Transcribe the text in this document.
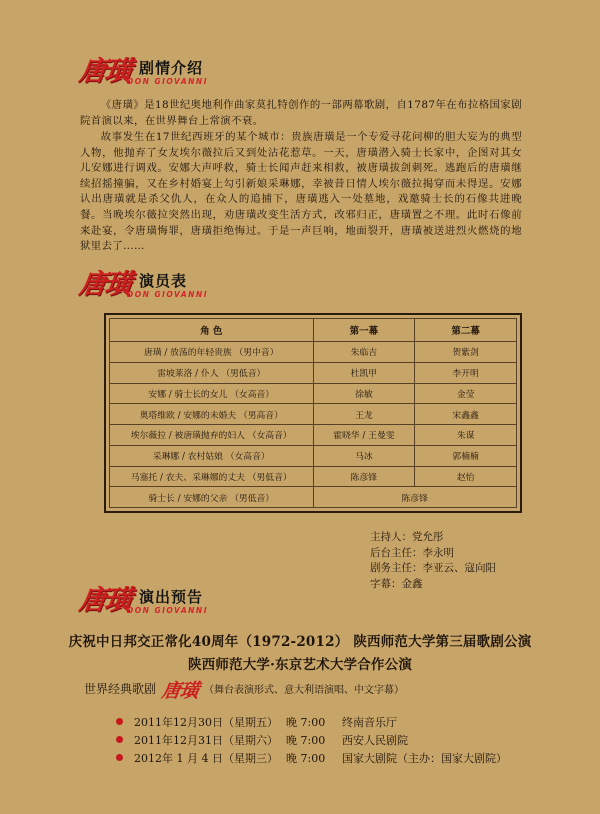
唐璜 剧情介绍
DON GIOVANNI
《唐璜》是18世纪奥地利作曲家莫扎特创作的一部两幕歌剧，自1787年在布拉格国家剧院首演以来，在世界舞台上常演不衰。
故事发生在17世纪西班牙的某个城市：贵族唐璜是一个专爱寻花问柳的胆大妄为的典型人物，他抛弃了女友埃尔薇拉后又到处沾花惹草。一天，唐璜潜入骑士长家中，企图对其女儿安娜进行调戏。安娜大声呼救，骑士长闻声赶来相救，被唐璜拔剑刺死。逃跑后的唐璜继续招摇撞骗，又在乡村婚宴上勾引新娘采琳娜，幸被昔日情人埃尔薇拉揭穿而未得逞。安娜认出唐璜就是杀父仇人，在众人的追捕下，唐璜逃入一处墓地，戏邀骑士长的石像共进晚餐。当晚埃尔薇拉突然出现，劝唐璜改变生活方式，改邪归正，唐璜置之不理。此时石像前来赴宴，令唐璜悔罪，唐璜拒绝悔过。于是一声巨响，地面裂开，唐璜被送进烈火燃烧的地狱里去了……
唐璜 演员表
DON GIOVANNI
角 色	第一幕	第二幕
唐璜 / 放荡的年轻贵族 （男中音）	朱临吉	贺紫剑
雷坡莱洛 / 仆人 （男低音）	杜凯甲	李开明
安娜 / 骑士长的女儿 （女高音）	徐敏	金莹
奥塔维欧 / 安娜的未婚夫 （男高音）	王龙	宋鑫鑫
埃尔薇拉 / 被唐璜抛弃的妇人 （女高音）	霍晓华 / 王曼雯	朱谋
采琳娜 / 农村姑娘 （女高音）	马冰	郭楠楠
马塞托 / 农夫、采琳娜的丈夫 （男低音）	陈彦锋	赵怡
骑士长 / 安娜的父亲 （男低音）	陈彦锋	
主持人：党允彤
后台主任：李永明
剧务主任：李亚云、寇向阳
字幕：金鑫
唐璜 演出预告
DON GIOVANNI
庆祝中日邦交正常化40周年（1972-2012） 陕西师范大学第三届歌剧公演
陕西师范大学·东京艺术大学合作公演
世界经典歌剧 唐璜 （舞台表演形式、意大利语演唱、中文字幕）
2011年12月30日（星期五） 晚 7:00 终南音乐厅
2011年12月31日（星期六） 晚 7:00 西安人民剧院
2012年 1 月 4 日（星期三） 晚 7:00 国家大剧院（主办：国家大剧院）
